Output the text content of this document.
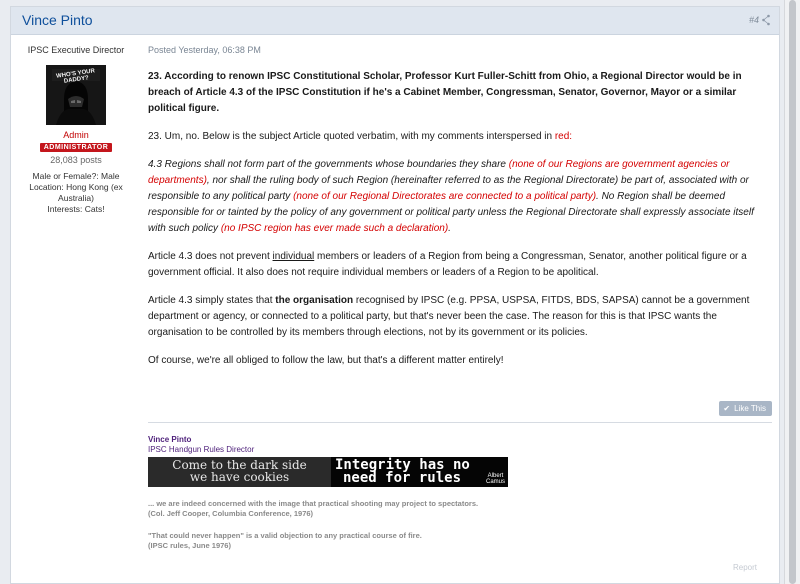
Vince Pinto	#4
IPSC Executive Director
WHO'S YOUR DADDY?
Admin
ADMINISTRATOR
28,083 posts
Male or Female?: Male
Location: Hong Kong (ex Australia)
Interests: Cats!
Posted Yesterday, 06:38 PM
23. According to renown IPSC Constitutional Scholar, Professor Kurt Fuller-Schitt from Ohio, a Regional Director would be in breach of Article 4.3 of the IPSC Constitution if he's a Cabinet Member, Congressman, Senator, Governor, Mayor or a similar political figure.
23. Um, no. Below is the subject Article quoted verbatim, with my comments interspersed in red:
4.3 Regions shall not form part of the governments whose boundaries they share (none of our Regions are government agencies or departments), nor shall the ruling body of such Region (hereinafter referred to as the Regional Directorate) be part of, associated with or responsible to any political party (none of our Regional Directorates are connected to a political party). No Region shall be deemed responsible for or tainted by the policy of any government or political party unless the Regional Directorate shall expressly associate itself with such policy (no IPSC region has ever made such a declaration).
Article 4.3 does not prevent individual members or leaders of a Region from being a Congressman, Senator, another political figure or a government official. It also does not require individual members or leaders of a Region to be apolitical.
Article 4.3 simply states that the organisation recognised by IPSC (e.g. PPSA, USPSA, FITDS, BDS, SAPSA) cannot be a government department or agency, or connected to a political party, but that's never been the case. The reason for this is that IPSC wants the organisation to be controlled by its members through elections, not by its government or its policies.
Of course, we're all obliged to follow the law, but that's a different matter entirely!
✔ Like This
Vince Pinto
IPSC Handgun Rules Director
Come to the dark side
we have cookies
Integrity has no
need for rules	Albert
Camus
... we are indeed concerned with the image that practical shooting may project to spectators.
(Col. Jeff Cooper, Columbia Conference, 1976)
"That could never happen" is a valid objection to any practical course of fire.
(IPSC rules, June 1976)
Report
